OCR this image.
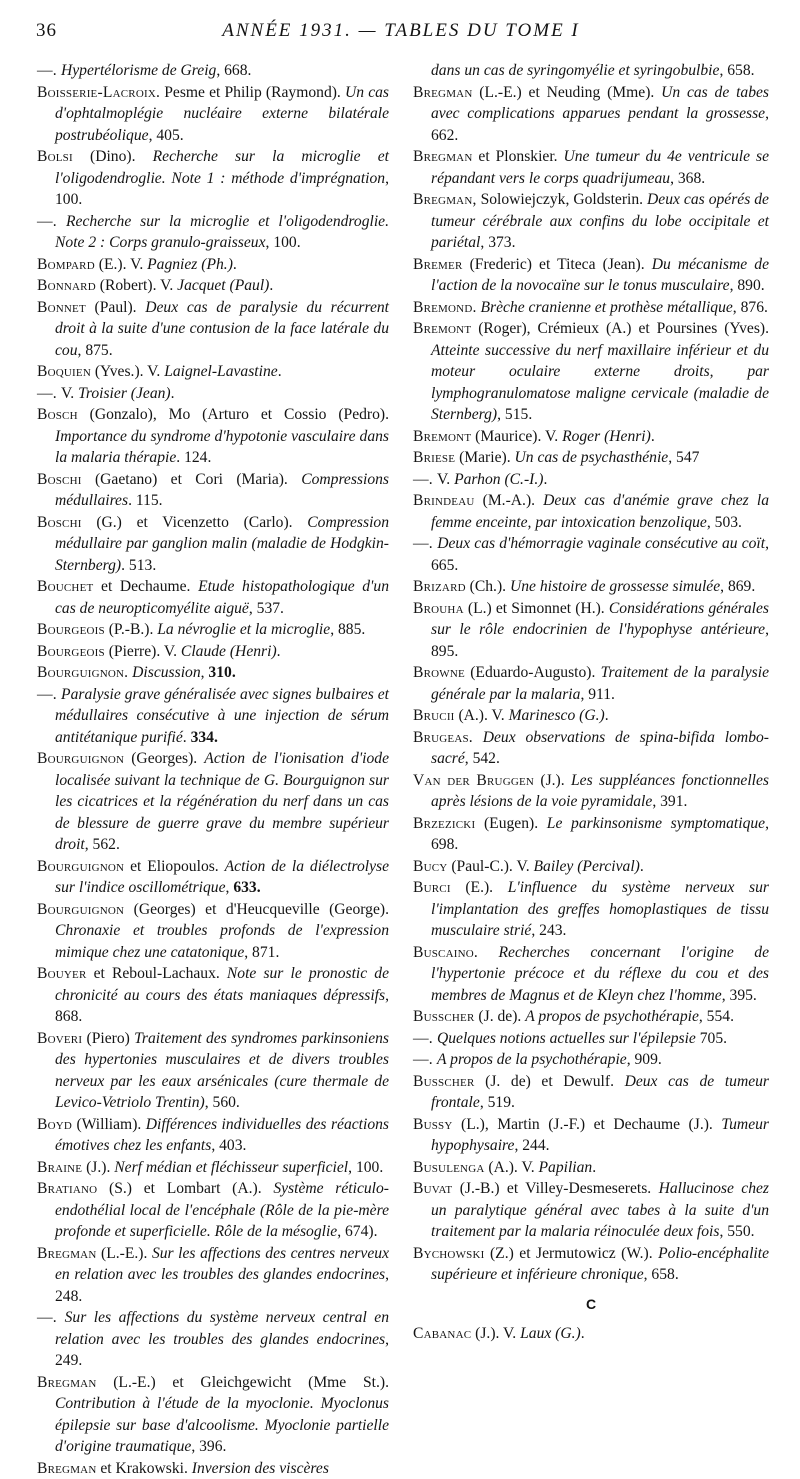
36	ANNÉE 1931. — TABLES DU TOME I

—. Hypertélorisme de Greig, 668.

Boisserie-Lacroix. Pesme et Philip (Raymond). Un cas d'ophtalmoplégie nucléaire externe bilatérale postrubéolique, 405.

Bolsi (Dino). Recherche sur la microglie et l'oligodendroglie. Note 1 : méthode d'imprégnation, 100.

—. Recherche sur la microglie et l'oligodendroglie. Note 2 : Corps granulo-graisseux, 100.

Bompard (E.). V. Pagniez (Ph.).

Bonnard (Robert). V. Jacquet (Paul).

Bonnet (Paul). Deux cas de paralysie du récurrent droit à la suite d'une contusion de la face latérale du cou, 875.

Boquien (Yves.). V. Laignel-Lavastine.

—. V. Troisier (Jean).

Bosch (Gonzalo), Mo (Arturo et Cossio (Pedro). Importance du syndrome d'hypotonie vasculaire dans la malaria thérapie. 124.

Boschi (Gaetano) et Cori (Maria). Compressions médullaires. 115.

Boschi (G.) et Vicenzetto (Carlo). Compression médullaire par ganglion malin (maladie de Hodgkin-Sternberg). 513.

Bouchet et Dechaume. Etude histopathologique d'un cas de neuropticomyélite aiguë, 537.

Bourgeois (P.-B.). La névroglie et la microglie, 885.

Bourgeois (Pierre). V. Claude (Henri).

Bourguignon. Discussion, 310.

—. Paralysie grave généralisée avec signes bulbaires et médullaires consécutive à une injection de sérum antitétanique purifié. 334.

Bourguignon (Georges). Action de l'ionisation d'iode localisée suivant la technique de G. Bourguignon sur les cicatrices et la régénération du nerf dans un cas de blessure de guerre grave du membre supérieur droit, 562.

Bourguignon et Eliopoulos. Action de la diélectrolyse sur l'indice oscillométrique, 633.

Bourguignon (Georges) et d'Heucqueville (George). Chronaxie et troubles profonds de l'expression mimique chez une catatonique, 871.

Bouyer et Reboul-Lachaux. Note sur le pronostic de chronicité au cours des états maniaques dépressifs, 868.

Boveri (Piero) Traitement des syndromes parkinsoniens des hypertonies musculaires et de divers troubles nerveux par les eaux arsénicales (cure thermale de Levico-Vetriolo Trentin), 560.

Boyd (William). Différences individuelles des réactions émotives chez les enfants, 403.

Braine (J.). Nerf médian et fléchisseur superficiel, 100.

Bratiano (S.) et Lombart (A.). Système réticulo-endothélial local de l'encéphale (Rôle de la pie-mère profonde et superficielle. Rôle de la mésoglie, 674).

Bregman (L.-E.). Sur les affections des centres nerveux en relation avec les troubles des glandes endocrines, 248.

—. Sur les affections du système nerveux central en relation avec les troubles des glandes endocrines, 249.

Bregman (L.-E.) et Gleichgewicht (Mme St.). Contribution à l'étude de la myoclonie. Myoclonus épilepsie sur base d'alcoolisme. Myoclonie partielle d'origine traumatique, 396.

Bregman et Krakowski. Inversion des viscères

dans un cas de syringomyélie et syringobulbie, 658.

Bregman (L.-E.) et Neuding (Mme). Un cas de tabes avec complications apparues pendant la grossesse, 662.

Bregman et Plonskier. Une tumeur du 4e ventricule se répandant vers le corps quadrijumeau, 368.

Bregman, Solowiejczyk, Goldsterin. Deux cas opérés de tumeur cérébrale aux confins du lobe occipitale et pariétal, 373.

Bremer (Frederic) et Titeca (Jean). Du mécanisme de l'action de la novocaïne sur le tonus musculaire, 890.

Bremond. Brèche cranienne et prothèse métallique, 876.

Bremont (Roger), Crémieux (A.) et Poursines (Yves). Atteinte successive du nerf maxillaire inférieur et du moteur oculaire externe droits, par lymphogranulomatose maligne cervicale (maladie de Sternberg), 515.

Bremont (Maurice). V. Roger (Henri).

Briese (Marie). Un cas de psychasthénie, 547

—. V. Parhon (C.-I.).

Brindeau (M.-A.). Deux cas d'anémie grave chez la femme enceinte, par intoxication benzolique, 503.

—. Deux cas d'hémorragie vaginale consécutive au coït, 665.

Brizard (Ch.). Une histoire de grossesse simulée, 869.

Brouha (L.) et Simonnet (H.). Considérations générales sur le rôle endocrinien de l'hypophyse antérieure, 895.

Browne (Eduardo-Augusto). Traitement de la paralysie générale par la malaria, 911.

Brucii (A.). V. Marinesco (G.).

Brugeas. Deux observations de spina-bifida lombo-sacré, 542.

Van der Bruggen (J.). Les suppléances fonctionnelles après lésions de la voie pyramidale, 391.

Brzezicki (Eugen). Le parkinsonisme symptomatique, 698.

Bucy (Paul-C.). V. Bailey (Percival).

Burci (E.). L'influence du système nerveux sur l'implantation des greffes homoplastiques de tissu musculaire strié, 243.

Buscaino. Recherches concernant l'origine de l'hypertonie précoce et du réflexe du cou et des membres de Magnus et de Kleyn chez l'homme, 395.

Busscher (J. de). A propos de psychothérapie, 554.

—. Quelques notions actuelles sur l'épilepsie 705.

—. A propos de la psychothérapie, 909.

Busscher (J. de) et Dewulf. Deux cas de tumeur frontale, 519.

Bussy (L.), Martin (J.-F.) et Dechaume (J.). Tumeur hypophysaire, 244.

Busulenga (A.). V. Papilian.

Buvat (J.-B.) et Villey-Desmeserets. Hallucinose chez un paralytique général avec tabes à la suite d'un traitement par la malaria réinoculée deux fois, 550.

Bychowski (Z.) et Jermutowicz (W.). Polio-encéphalite supérieure et inférieure chronique, 658.

C

Cabanac (J.). V. Laux (G.).
